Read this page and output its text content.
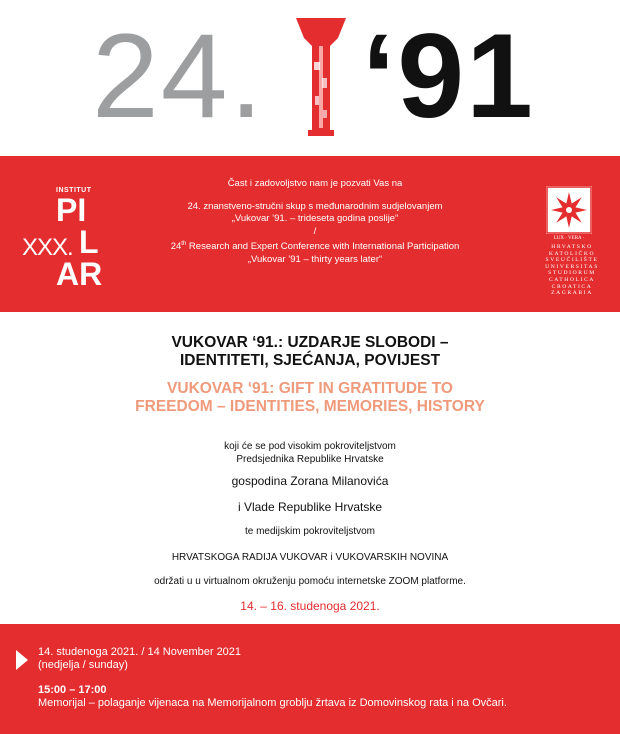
24. ‘91
INSTITUT
PI
XXX. L
AR

Čast i zadovoljstvo nam je pozvati Vas na

24. znanstveno-stručni skup s međunarodnim sudjelovanjem

„Vukovar ’91. – trideseta godina poslije“

/

24th Research and Expert Conference with International Participation

„Vukovar ’91 – thirty years later“

LUX · VERA ·
HRVATSKO
KATOLIČKO
SVEUČILIŠTE
UNIVERSITAS
STUDIORUM
CATHOLICA
CROATICA
ZAGRABIA
VUKOVAR ‘91.: UZDARJE SLOBODI –
IDENTITETI, SJEĆANJA, POVIJEST
VUKOVAR ‘91: GIFT IN GRATITUDE TO
FREEDOM – IDENTITIES, MEMORIES, HISTORY
koji će se pod visokim pokroviteljstvom
Predsjednika Republike Hrvatske
gospodina Zorana Milanovića
i Vlade Republike Hrvatske
te medijskim pokroviteljstvom
HRVATSKOGA RADIJA VUKOVAR i VUKOVARSKIH NOVINA
održati u u virtualnom okruženju pomoću internetske ZOOM platforme.
14. – 16. studenoga 2021.
14. studenoga 2021. / 14 November 2021
(nedjelja / sunday)
15:00 – 17:00
Memorijal – polaganje vijenaca na Memorijalnom groblju žrtava iz Domovinskog rata i na Ovčari.
